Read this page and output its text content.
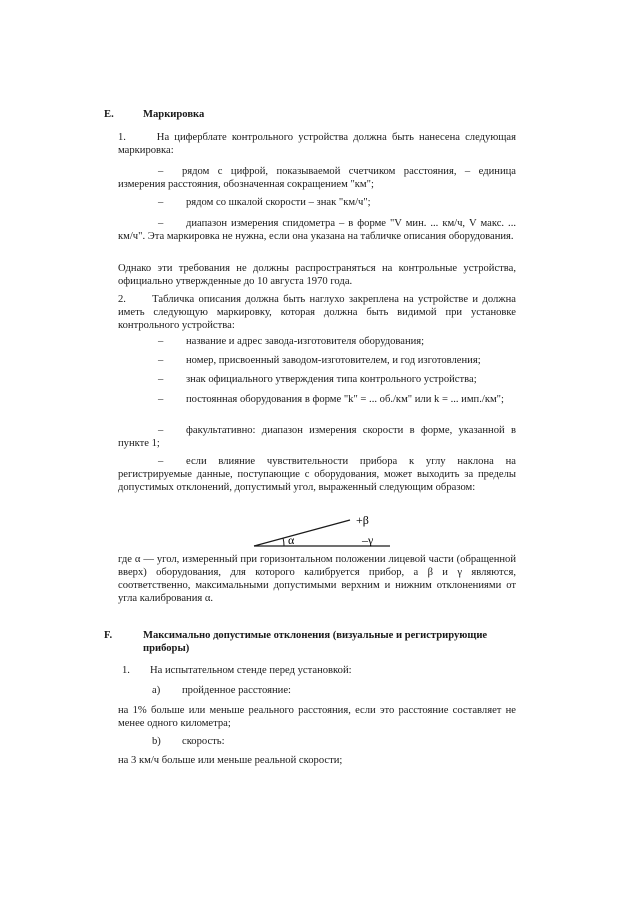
E.	Маркировка
1.      На циферблате контрольного устройства должна быть нанесена следующая маркировка:
–	рядом с цифрой, показываемой счетчиком расстояния, – единица измерения расстояния, обозначенная сокращением "км";
– рядом со шкалой скорости – знак "км/ч";
–	диапазон измерения спидометра – в форме "V мин. ... км/ч, V макс. ... км/ч". Эта маркировка не нужна, если она указана на табличке описания оборудования.
Однако эти требования не должны распространяться на контрольные устройства, официально утвержденные до 10 августа 1970 года.
2.      Табличка описания должна быть наглухо закреплена на устройстве и должна иметь следующую маркировку, которая должна быть видимой при установке контрольного устройства:
– название и адрес завода-изготовителя оборудования;
– номер, присвоенный заводом-изготовителем, и год изготовления;
– знак официального утверждения типа контрольного устройства;
–	постоянная оборудования в форме "k" = ... об./км" или k = ... имп./км";
–	факультативно: диапазон измерения скорости в форме, указанной в пункте 1;
–	если влияние чувствительности прибора к углу наклона на регистрируемые данные, поступающие с оборудования, может выходить за пределы допустимых отклонений, допустимый угол, выраженный следующим образом:
+β
α	–γ
где α — угол, измеренный при горизонтальном положении лицевой части (обращенной вверх) оборудования, для которого калибруется прибор, а β и γ являются, соответственно, максимальными допустимыми верхним и нижним отклонениями от угла калибрования α.
F.	Максимально допустимые отклонения (визуальные и регистрирующие приборы)
1. На испытательном стенде перед установкой:
a) пройденное расстояние:
на 1% больше или меньше реального расстояния, если это расстояние составляет не менее одного километра;
b) скорость:
на 3 км/ч больше или меньше реальной скорости;
